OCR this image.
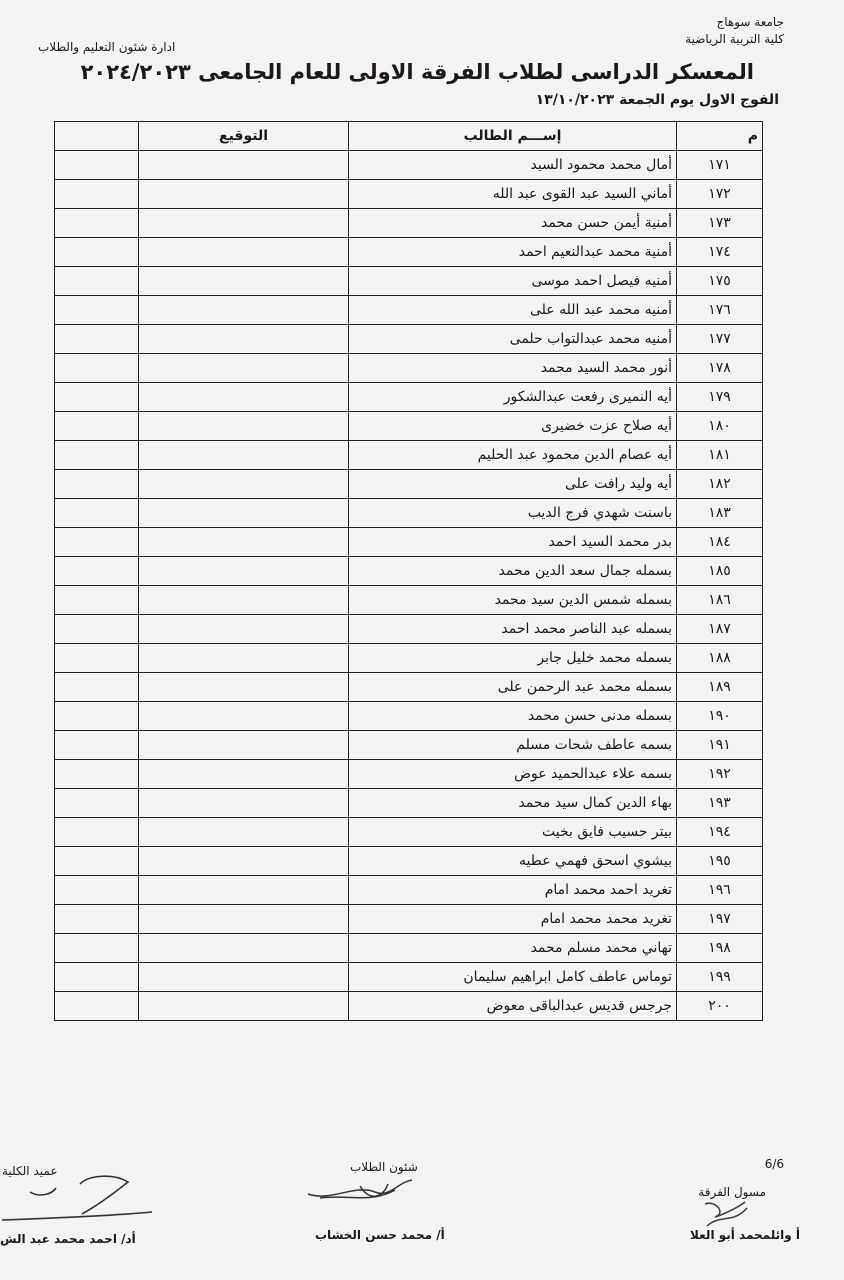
جامعة سوهاج
كلية التربية الرياضية
ادارة شئون التعليم والطلاب
المعسكر الدراسى لطلاب الفرقة الاولى للعام الجامعى ٢٠٢٤/٢٠٢٣
الفوج الاول يوم الجمعة ١٣/١٠/٢٠٢٣
م	إســـم الطالب	التوقيع	
١٧١	أمال محمد محمود السيد		
١٧٢	أماني السيد عبد القوى عبد الله		
١٧٣	أمنية أيمن حسن محمد		
١٧٤	أمنية محمد عبدالنعيم احمد		
١٧٥	أمنيه فيصل احمد موسى		
١٧٦	أمنيه محمد عبد الله على		
١٧٧	أمنيه محمد عبدالتواب حلمى		
١٧٨	أنور محمد السيد محمد		
١٧٩	أيه النميرى رفعت عبدالشكور		
١٨٠	أيه صلاح عزت خضيرى		
١٨١	أيه عصام الدين محمود عبد الحليم		
١٨٢	أيه وليد رافت على		
١٨٣	باسنت شهدي فرج الديب		
١٨٤	بدر محمد السيد احمد		
١٨٥	بسمله جمال سعد الدين محمد		
١٨٦	بسمله شمس الدين سيد محمد		
١٨٧	بسمله عبد الناصر محمد احمد		
١٨٨	بسمله محمد خليل جابر		
١٨٩	بسمله محمد عبد الرحمن على		
١٩٠	بسمله مدنى حسن محمد		
١٩١	بسمه عاطف شحات مسلم		
١٩٢	بسمه علاء عبدالحميد عوض		
١٩٣	بهاء الدين كمال سيد محمد		
١٩٤	بيتر حسيب فايق بخيت		
١٩٥	بيشوي اسحق فهمي عطيه		
١٩٦	تغريد احمد محمد امام		
١٩٧	تغريد محمد محمد امام		
١٩٨	تهاني محمد مسلم محمد		
١٩٩	توماس عاطف كامل ابراهيم سليمان		
٢٠٠	جرجس قديس عبدالباقى معوض		
6/6
مسول الفرقة
أ وائلمحمد أبو العلا
شئون الطلاب
أ/ محمد حسن الخشاب
عميد الكلية
أد/ احمد محمد عبد الش
